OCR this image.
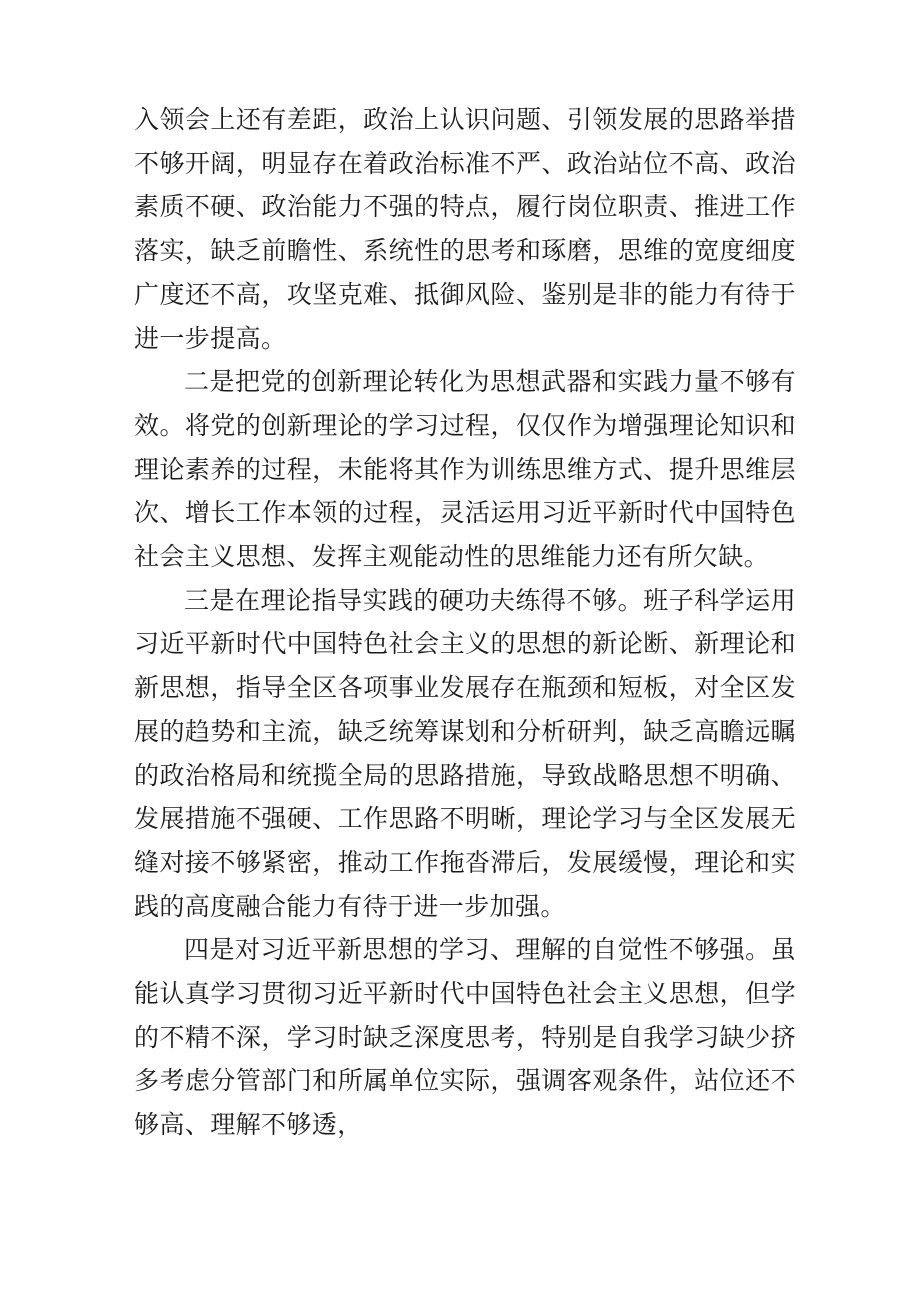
入领会上还有差距，政治上认识问题、引领发展的思路举措不够开阔，明显存在着政治标准不严、政治站位不高、政治素质不硬、政治能力不强的特点，履行岗位职责、推进工作落实，缺乏前瞻性、系统性的思考和琢磨，思维的宽度细度广度还不高，攻坚克难、抵御风险、鉴别是非的能力有待于进一步提高。

二是把党的创新理论转化为思想武器和实践力量不够有效。将党的创新理论的学习过程，仅仅作为增强理论知识和理论素养的过程，未能将其作为训练思维方式、提升思维层次、增长工作本领的过程，灵活运用习近平新时代中国特色社会主义思想、发挥主观能动性的思维能力还有所欠缺。

三是在理论指导实践的硬功夫练得不够。班子科学运用习近平新时代中国特色社会主义的思想的新论断、新理论和新思想，指导全区各项事业发展存在瓶颈和短板，对全区发展的趋势和主流，缺乏统筹谋划和分析研判，缺乏高瞻远瞩的政治格局和统揽全局的思路措施，导致战略思想不明确、发展措施不强硬、工作思路不明晰，理论学习与全区发展无缝对接不够紧密，推动工作拖沓滞后，发展缓慢，理论和实践的高度融合能力有待于进一步加强。

四是对习近平新思想的学习、理解的自觉性不够强。虽能认真学习贯彻习近平新时代中国特色社会主义思想，但学的不精不深，学习时缺乏深度思考，特别是自我学习缺少挤多考虑分管部门和所属单位实际，强调客观条件，站位还不够高、理解不够透，
